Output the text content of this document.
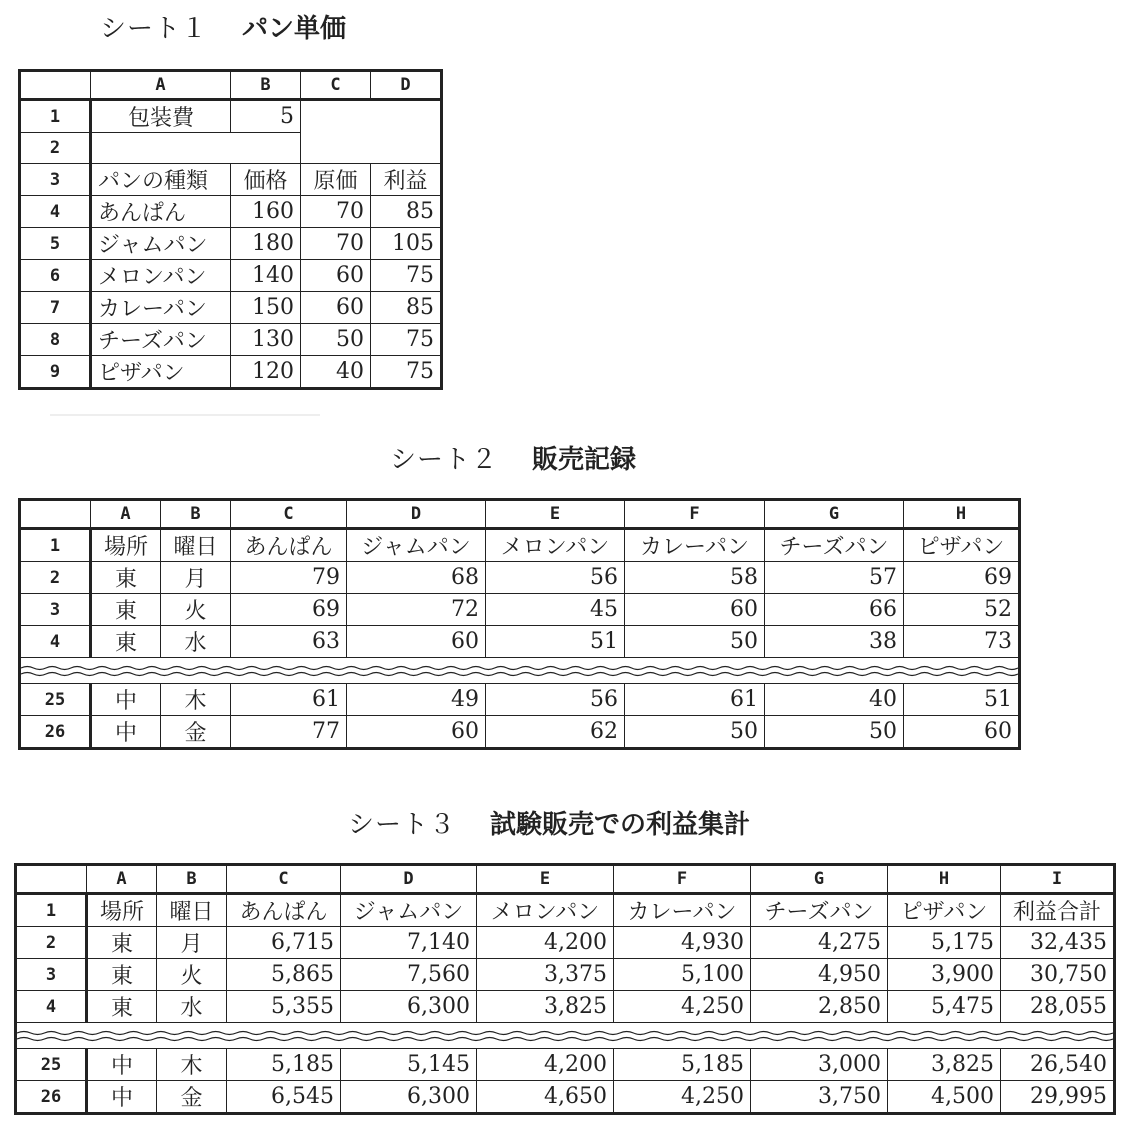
シート１ パン単価
	A	B	C	D
1	包装費	5		
2				
3	パンの種類	価格	原価	利益
4	あんぱん	160	70	85
5	ジャムパン	180	70	105
6	メロンパン	140	60	75
7	カレーパン	150	60	85
8	チーズパン	130	50	75
9	ピザパン	120	40	75
シート２ 販売記録
	A	B	C	D	E	F	G	H
1	場所	曜日	あんぱん	ジャムパン	メロンパン	カレーパン	チーズパン	ピザパン
2	東	月	79	68	56	58	57	69
3	東	火	69	72	45	60	66	52
4	東	水	63	60	51	50	38	73

25	中	木	61	49	56	61	40	51
26	中	金	77	60	62	50	50	60
シート３ 試験販売での利益集計
	A	B	C	D	E	F	G	H	I
1	場所	曜日	あんぱん	ジャムパン	メロンパン	カレーパン	チーズパン	ピザパン	利益合計
2	東	月	6,715	7,140	4,200	4,930	4,275	5,175	32,435
3	東	火	5,865	7,560	3,375	5,100	4,950	3,900	30,750
4	東	水	5,355	6,300	3,825	4,250	2,850	5,475	28,055

25	中	木	5,185	5,145	4,200	5,185	3,000	3,825	26,540
26	中	金	6,545	6,300	4,650	4,250	3,750	4,500	29,995
